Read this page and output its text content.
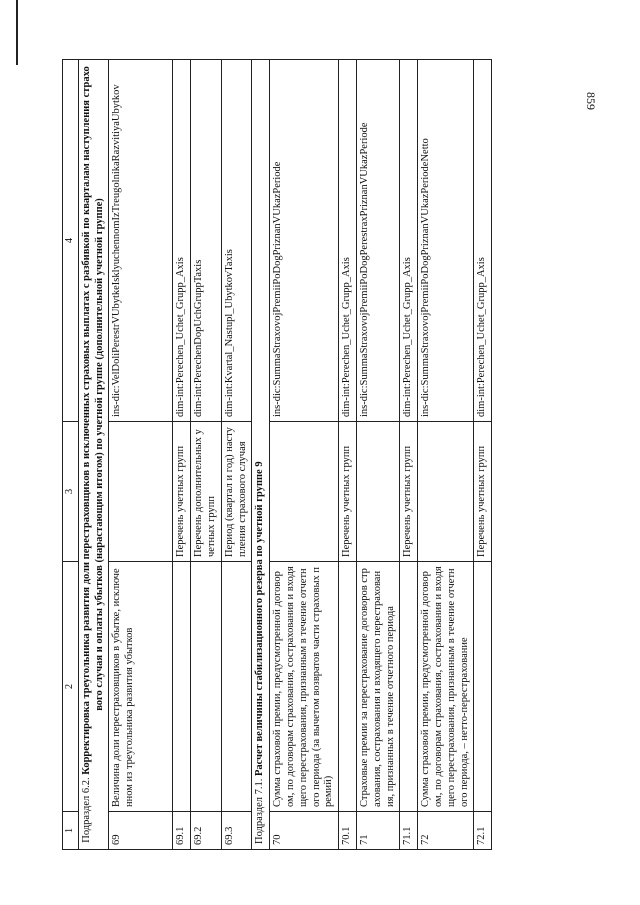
859
1	2	3	4
Подраздел 6.2. Корректировка треугольника развития доли перестраховщиков в исключенных страховых выплатах с разбивкой по кварталам наступления страхового случая и оплаты убытков (нарастающим итогом) по учетной группе (дополнительной учетной группе)			
69	Величина доли перестраховщиков в убытке, исключенном из треугольника развития убытков		ins-dic:VelDoliPerestrVUbytkeIsklyuchennomIzTreugolnikaRazvitiyaUbytkov
69.1		Перечень учетных групп	dim-int:Perechen_Uchet_Grupp_Axis
69.2		Перечень дополнительных учетных групп	dim-int:PerechenDopUchGruppTaxis
69.3		Период (квартал и год) наступления страхового случая	dim-int:Kvartal_Nastupl_UbytkovTaxis
Подраздел 7.1. Расчет величины стабилизационного резерва по учетной группе 9			
70	Сумма страховой премии, предусмотренной договором, по договорам страхования, сострахования и входящего перестрахования, признанным в течение отчетного периода (за вычетом возвратов части страховых премий)		ins-dic:SummaStraxovojPremiiPoDogPriznanVUkazPeriode
70.1		Перечень учетных групп	dim-int:Perechen_Uchet_Grupp_Axis
71	Страховые премии за перестрахование договоров страхования, сострахования и входящего перестрахования, признанных в течение отчетного периода		ins-dic:SummaStraxovojPremiiPoDogPerestraxPriznanVUkazPeriode
71.1		Перечень учетных групп	dim-int:Perechen_Uchet_Grupp_Axis
72	Сумма страховой премии, предусмотренной договором, по договорам страхования, сострахования и входящего перестрахования, признанным в течение отчетного периода, – нетто-перестрахование		ins-dic:SummaStraxovojPremiiPoDogPriznanVUkazPeriodeNetto
72.1		Перечень учетных групп	dim-int:Perechen_Uchet_Grupp_Axis
